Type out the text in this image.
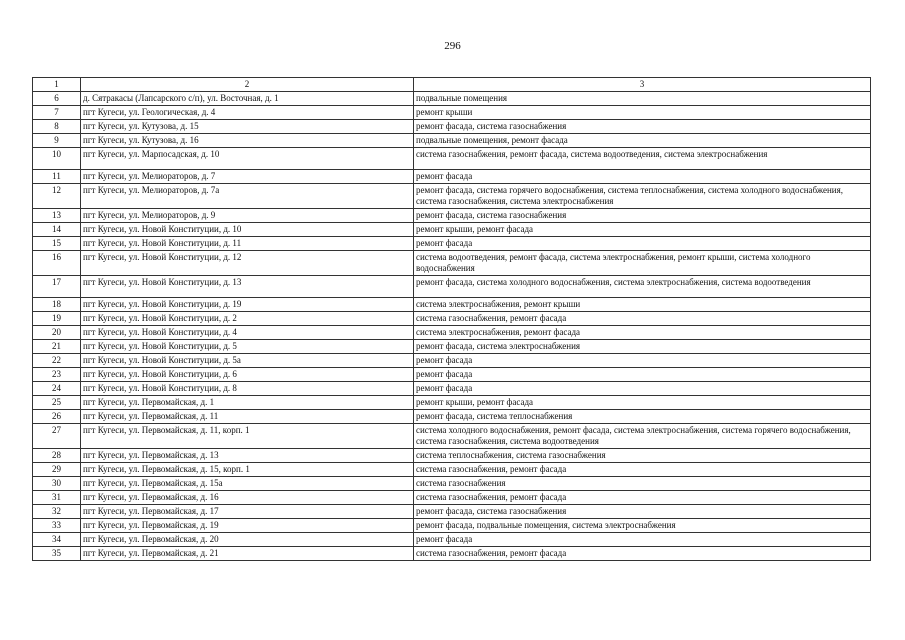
296
1	2	3
6	д. Сятракасы (Лапсарского с/п), ул. Восточная, д. 1	подвальные помещения
7	пгт Кугеси, ул. Геологическая, д. 4	ремонт крыши
8	пгт Кугеси, ул. Кутузова, д. 15	ремонт фасада, система газоснабжения
9	пгт Кугеси, ул. Кутузова, д. 16	подвальные помещения, ремонт фасада
10	пгт Кугеси, ул. Марпосадская, д. 10	система газоснабжения, ремонт фасада, система водоотведения, система электроснабжения
11	пгт Кугеси, ул. Мелиораторов, д. 7	ремонт фасада
12	пгт Кугеси, ул. Мелиораторов, д. 7а	ремонт фасада, система горячего водоснабжения, система теплоснабжения, система холодного водоснабжения, система газоснабжения, система электроснабжения
13	пгт Кугеси, ул. Мелиораторов, д. 9	ремонт фасада, система газоснабжения
14	пгт Кугеси, ул. Новой Конституции, д. 10	ремонт крыши, ремонт фасада
15	пгт Кугеси, ул. Новой Конституции, д. 11	ремонт фасада
16	пгт Кугеси, ул. Новой Конституции, д. 12	система водоотведения, ремонт фасада, система электроснабжения, ремонт крыши, система холодного водоснабжения
17	пгт Кугеси, ул. Новой Конституции, д. 13	ремонт фасада, система холодного водоснабжения, система электроснабжения, система водоотведения
18	пгт Кугеси, ул. Новой Конституции, д. 19	система электроснабжения, ремонт крыши
19	пгт Кугеси, ул. Новой Конституции, д. 2	система газоснабжения, ремонт фасада
20	пгт Кугеси, ул. Новой Конституции, д. 4	система электроснабжения, ремонт фасада
21	пгт Кугеси, ул. Новой Конституции, д. 5	ремонт фасада, система электроснабжения
22	пгт Кугеси, ул. Новой Конституции, д. 5а	ремонт фасада
23	пгт Кугеси, ул. Новой Конституции, д. 6	ремонт фасада
24	пгт Кугеси, ул. Новой Конституции, д. 8	ремонт фасада
25	пгт Кугеси, ул. Первомайская, д. 1	ремонт крыши, ремонт фасада
26	пгт Кугеси, ул. Первомайская, д. 11	ремонт фасада, система теплоснабжения
27	пгт Кугеси, ул. Первомайская, д. 11, корп. 1	система холодного водоснабжения, ремонт фасада, система электроснабжения, система горячего водоснабжения, система газоснабжения, система водоотведения
28	пгт Кугеси, ул. Первомайская, д. 13	система теплоснабжения, система газоснабжения
29	пгт Кугеси, ул. Первомайская, д. 15, корп. 1	система газоснабжения, ремонт фасада
30	пгт Кугеси, ул. Первомайская, д. 15а	система газоснабжения
31	пгт Кугеси, ул. Первомайская, д. 16	система газоснабжения, ремонт фасада
32	пгт Кугеси, ул. Первомайская, д. 17	ремонт фасада, система газоснабжения
33	пгт Кугеси, ул. Первомайская, д. 19	ремонт фасада, подвальные помещения, система электроснабжения
34	пгт Кугеси, ул. Первомайская, д. 20	ремонт фасада
35	пгт Кугеси, ул. Первомайская, д. 21	система газоснабжения, ремонт фасада
